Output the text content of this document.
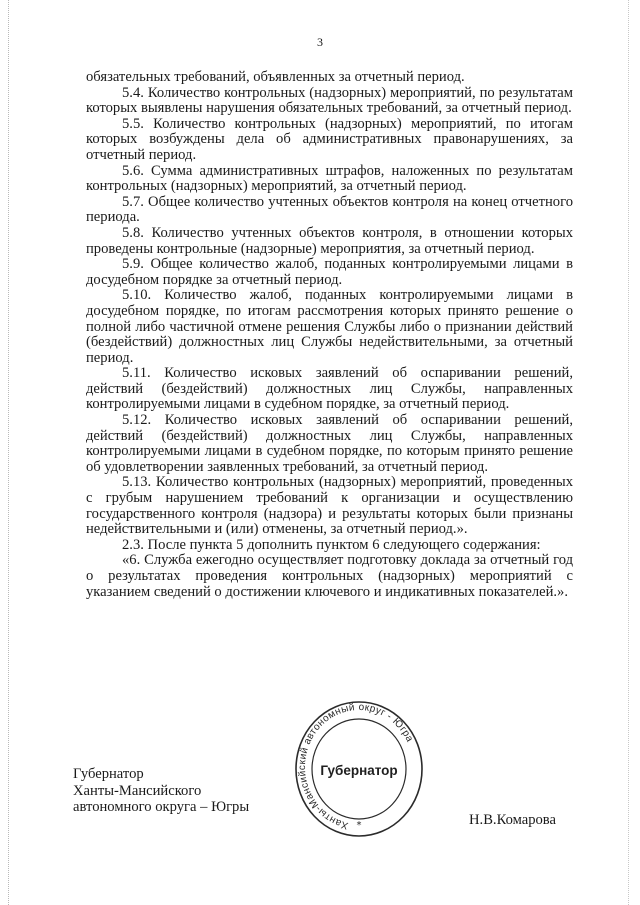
3

обязательных требований, объявленных за отчетный период.

5.4. Количество контрольных (надзорных) мероприятий, по результатам которых выявлены нарушения обязательных требований, за отчетный период.

5.5. Количество контрольных (надзорных) мероприятий, по итогам которых возбуждены дела об административных правонарушениях, за отчетный период.

5.6. Сумма административных штрафов, наложенных по результатам контрольных (надзорных) мероприятий, за отчетный период.

5.7. Общее количество учтенных объектов контроля на конец отчетного периода.

5.8. Количество учтенных объектов контроля, в отношении которых проведены контрольные (надзорные) мероприятия, за отчетный период.

5.9. Общее количество жалоб, поданных контролируемыми лицами в досудебном порядке за отчетный период.

5.10. Количество жалоб, поданных контролируемыми лицами в досудебном порядке, по итогам рассмотрения которых принято решение о полной либо частичной отмене решения Службы либо о признании действий (бездействий) должностных лиц Службы недействительными, за отчетный период.

5.11. Количество исковых заявлений об оспаривании решений, действий (бездействий) должностных лиц Службы, направленных контролируемыми лицами в судебном порядке, за отчетный период.

5.12. Количество исковых заявлений об оспаривании решений, действий (бездействий) должностных лиц Службы, направленных контролируемыми лицами в судебном порядке, по которым принято решение об удовлетворении заявленных требований, за отчетный период.

5.13. Количество контрольных (надзорных) мероприятий, проведенных с грубым нарушением требований к организации и осуществлению государственного контроля (надзора) и результаты которых были признаны недействительными и (или) отменены, за отчетный период.».

2.3. После пункта 5 дополнить пунктом 6 следующего содержания:

«6. Служба ежегодно осуществляет подготовку доклада за отчетный год о результатах проведения контрольных (надзорных) мероприятий с указанием сведений о достижении ключевого и индикативных показателей.».

Губернатор
Ханты-Мансийского
автономного округа – Югры
Ханты-Мансийский автономный округ - Югра
Губернатор
*	Н.В.Комарова
